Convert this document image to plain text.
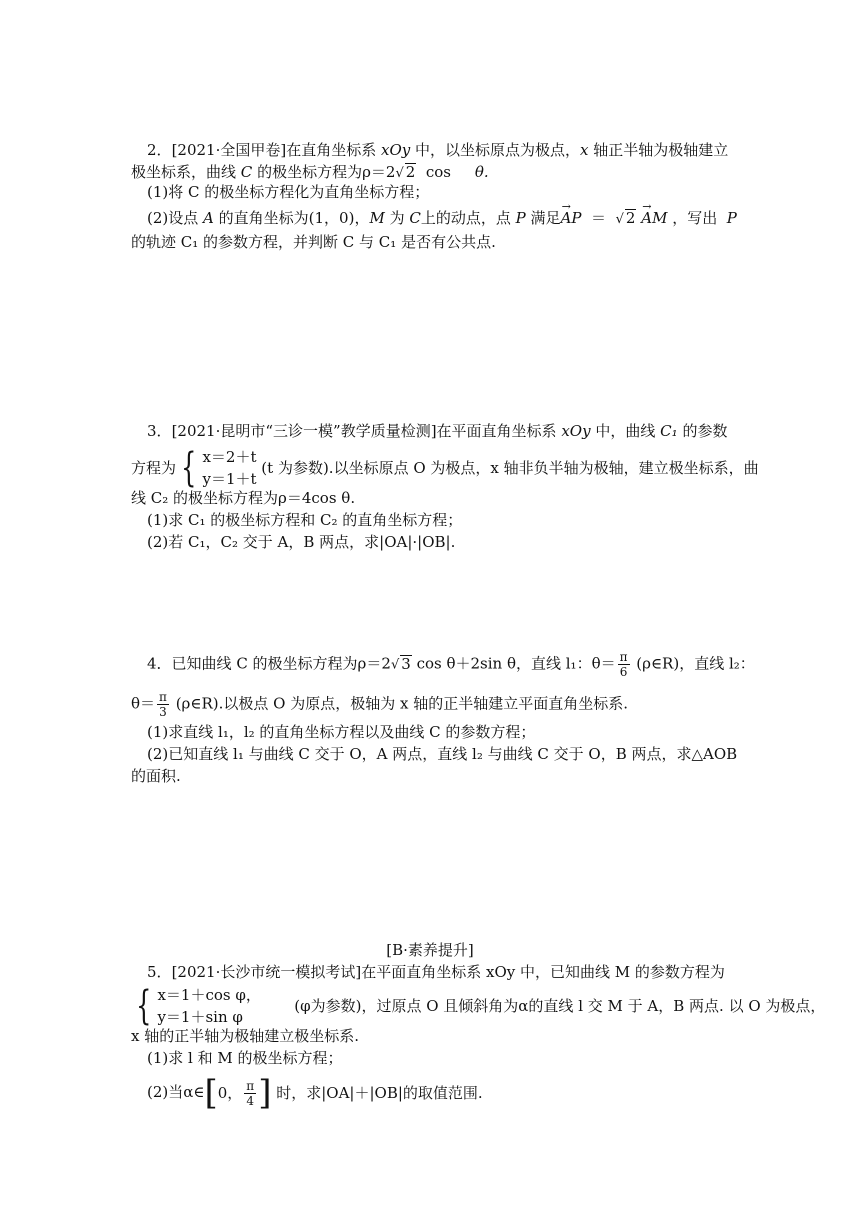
2．[2021·全国甲卷]在直角坐标系 xOy 中，以坐标原点为极点，x 轴正半轴为极轴建立
极坐标系，曲线 C 的极坐标方程为ρ＝2√ 2 cos θ.
(1)将 C 的极坐标方程化为直角坐标方程；
(2)设点 A 的直角坐标为(1，0)，M 为 C上的动点，点 P 满足→ AP ＝ √ 2 → AM ，写出 P
的轨迹 C₁ 的参数方程，并判断 C 与 C₁ 是否有公共点.
3．[2021·昆明市“三诊一模”教学质量检测]在平面直角坐标系 xOy 中，曲线 C₁ 的参数
方程为 { x＝2＋t
y＝1＋t
(t 为参数).以坐标原点 O 为极点，x 轴非负半轴为极轴，建立极坐标系，曲
线 C₂ 的极坐标方程为ρ＝4cos θ.
(1)求 C₁ 的极坐标方程和 C₂ 的直角坐标方程；
(2)若 C₁，C₂ 交于 A，B 两点，求|OA|·|OB|.
4．已知曲线 C 的极坐标方程为ρ＝2√ 3 cos θ＋2sin θ，直线 l₁：$\theta= \frac{\pi}{6}$ (ρ∈R)，直线 l₂：
$\theta= \frac{\pi}{3}$ (ρ∈R).以极点 O 为原点，极轴为 x 轴的正半轴建立平面直角坐标系.
(1)求直线 l₁，l₂ 的直角坐标方程以及曲线 C 的参数方程；
(2)已知直线 l₁ 与曲线 C 交于 O，A 两点，直线 l₂ 与曲线 C 交于 O，B 两点，求△AOB
的面积.
[B·素养提升]
5．[2021·长沙市统一模拟考试]在平面直角坐标系 xOy 中，已知曲线 M 的参数方程为
{ x＝1＋cos φ，
y＝1＋sin φ
(φ为参数)，过原点 O 且倾斜角为α的直线 l 交 M 于 A，B 两点. 以 O 为极点，
x 轴的正半轴为极轴建立极坐标系.
(1)求 l 和 M 的极坐标方程；
(2)当α∈[0， $\frac{\pi}{4}$ ] 时，求|OA|＋|OB|的取值范围.
